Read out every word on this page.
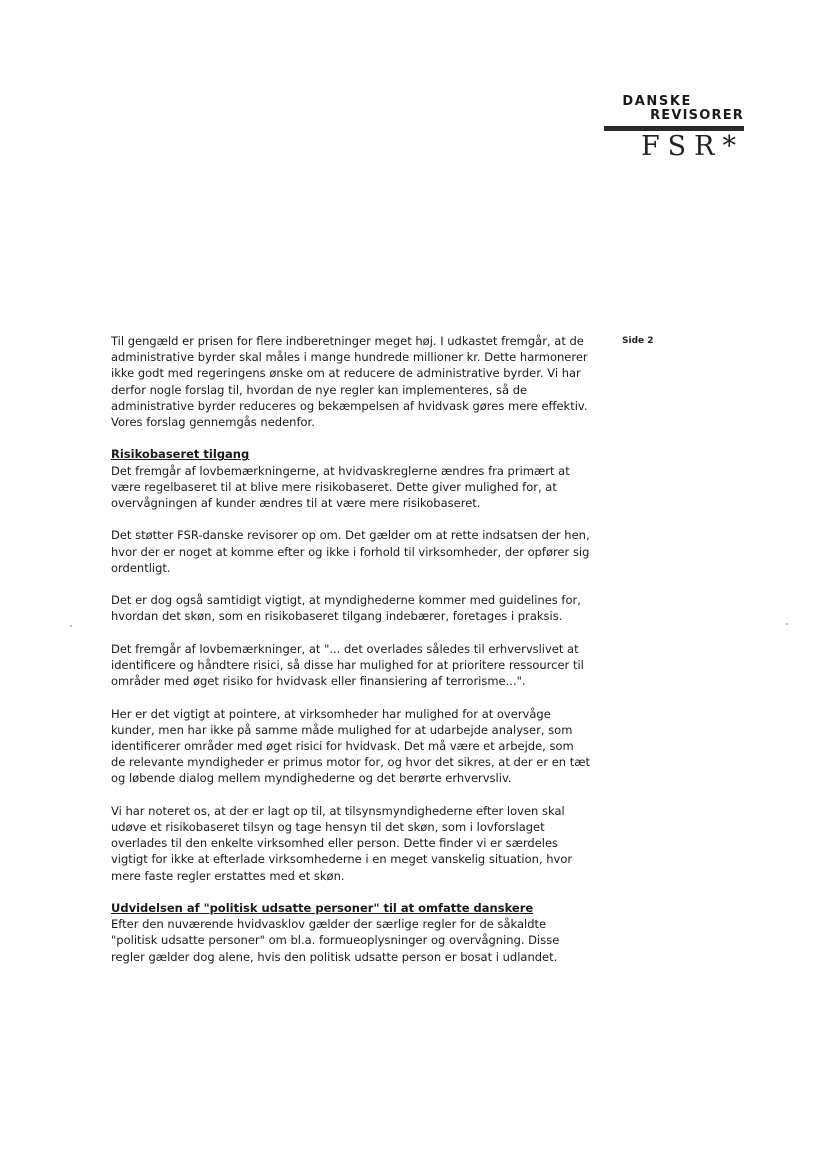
DANSKE
REVISORER
FSR*
Side 2

Til gengæld er prisen for flere indberetninger meget høj. I udkastet fremgår, at de administrative byrder skal måles i mange hundrede millioner kr. Dette harmonerer ikke godt med regeringens ønske om at reducere de administrative byrder. Vi har derfor nogle forslag til, hvordan de nye regler kan implementeres, så de administrative byrder reduceres og bekæmpelsen af hvidvask gøres mere effektiv. Vores forslag gennemgås nedenfor.

Risikobaseret tilgang

Det fremgår af lovbemærkningerne, at hvidvaskreglerne ændres fra primært at være regelbaseret til at blive mere risikobaseret. Dette giver mulighed for, at overvågningen af kunder ændres til at være mere risikobaseret.

Det støtter FSR-danske revisorer op om. Det gælder om at rette indsatsen der hen, hvor der er noget at komme efter og ikke i forhold til virksomheder, der opfører sig ordentligt.

Det er dog også samtidigt vigtigt, at myndighederne kommer med guidelines for, hvordan det skøn, som en risikobaseret tilgang indebærer, foretages i praksis.

Det fremgår af lovbemærkninger, at "... det overlades således til erhvervslivet at identificere og håndtere risici, så disse har mulighed for at prioritere ressourcer til områder med øget risiko for hvidvask eller finansiering af terrorisme...".

Her er det vigtigt at pointere, at virksomheder har mulighed for at overvåge kunder, men har ikke på samme måde mulighed for at udarbejde analyser, som identificerer områder med øget risici for hvidvask. Det må være et arbejde, som de relevante myndigheder er primus motor for, og hvor det sikres, at der er en tæt og løbende dialog mellem myndighederne og det berørte erhvervsliv.

Vi har noteret os, at der er lagt op til, at tilsynsmyndighederne efter loven skal udøve et risikobaseret tilsyn og tage hensyn til det skøn, som i lovforslaget overlades til den enkelte virksomhed eller person. Dette finder vi er særdeles vigtigt for ikke at efterlade virksomhederne i en meget vanskelig situation, hvor mere faste regler erstattes med et skøn.

Udvidelsen af "politisk udsatte personer" til at omfatte danskere

Efter den nuværende hvidvasklov gælder der særlige regler for de såkaldte "politisk udsatte personer" om bl.a. formueoplysninger og overvågning. Disse regler gælder dog alene, hvis den politisk udsatte person er bosat i udlandet.
